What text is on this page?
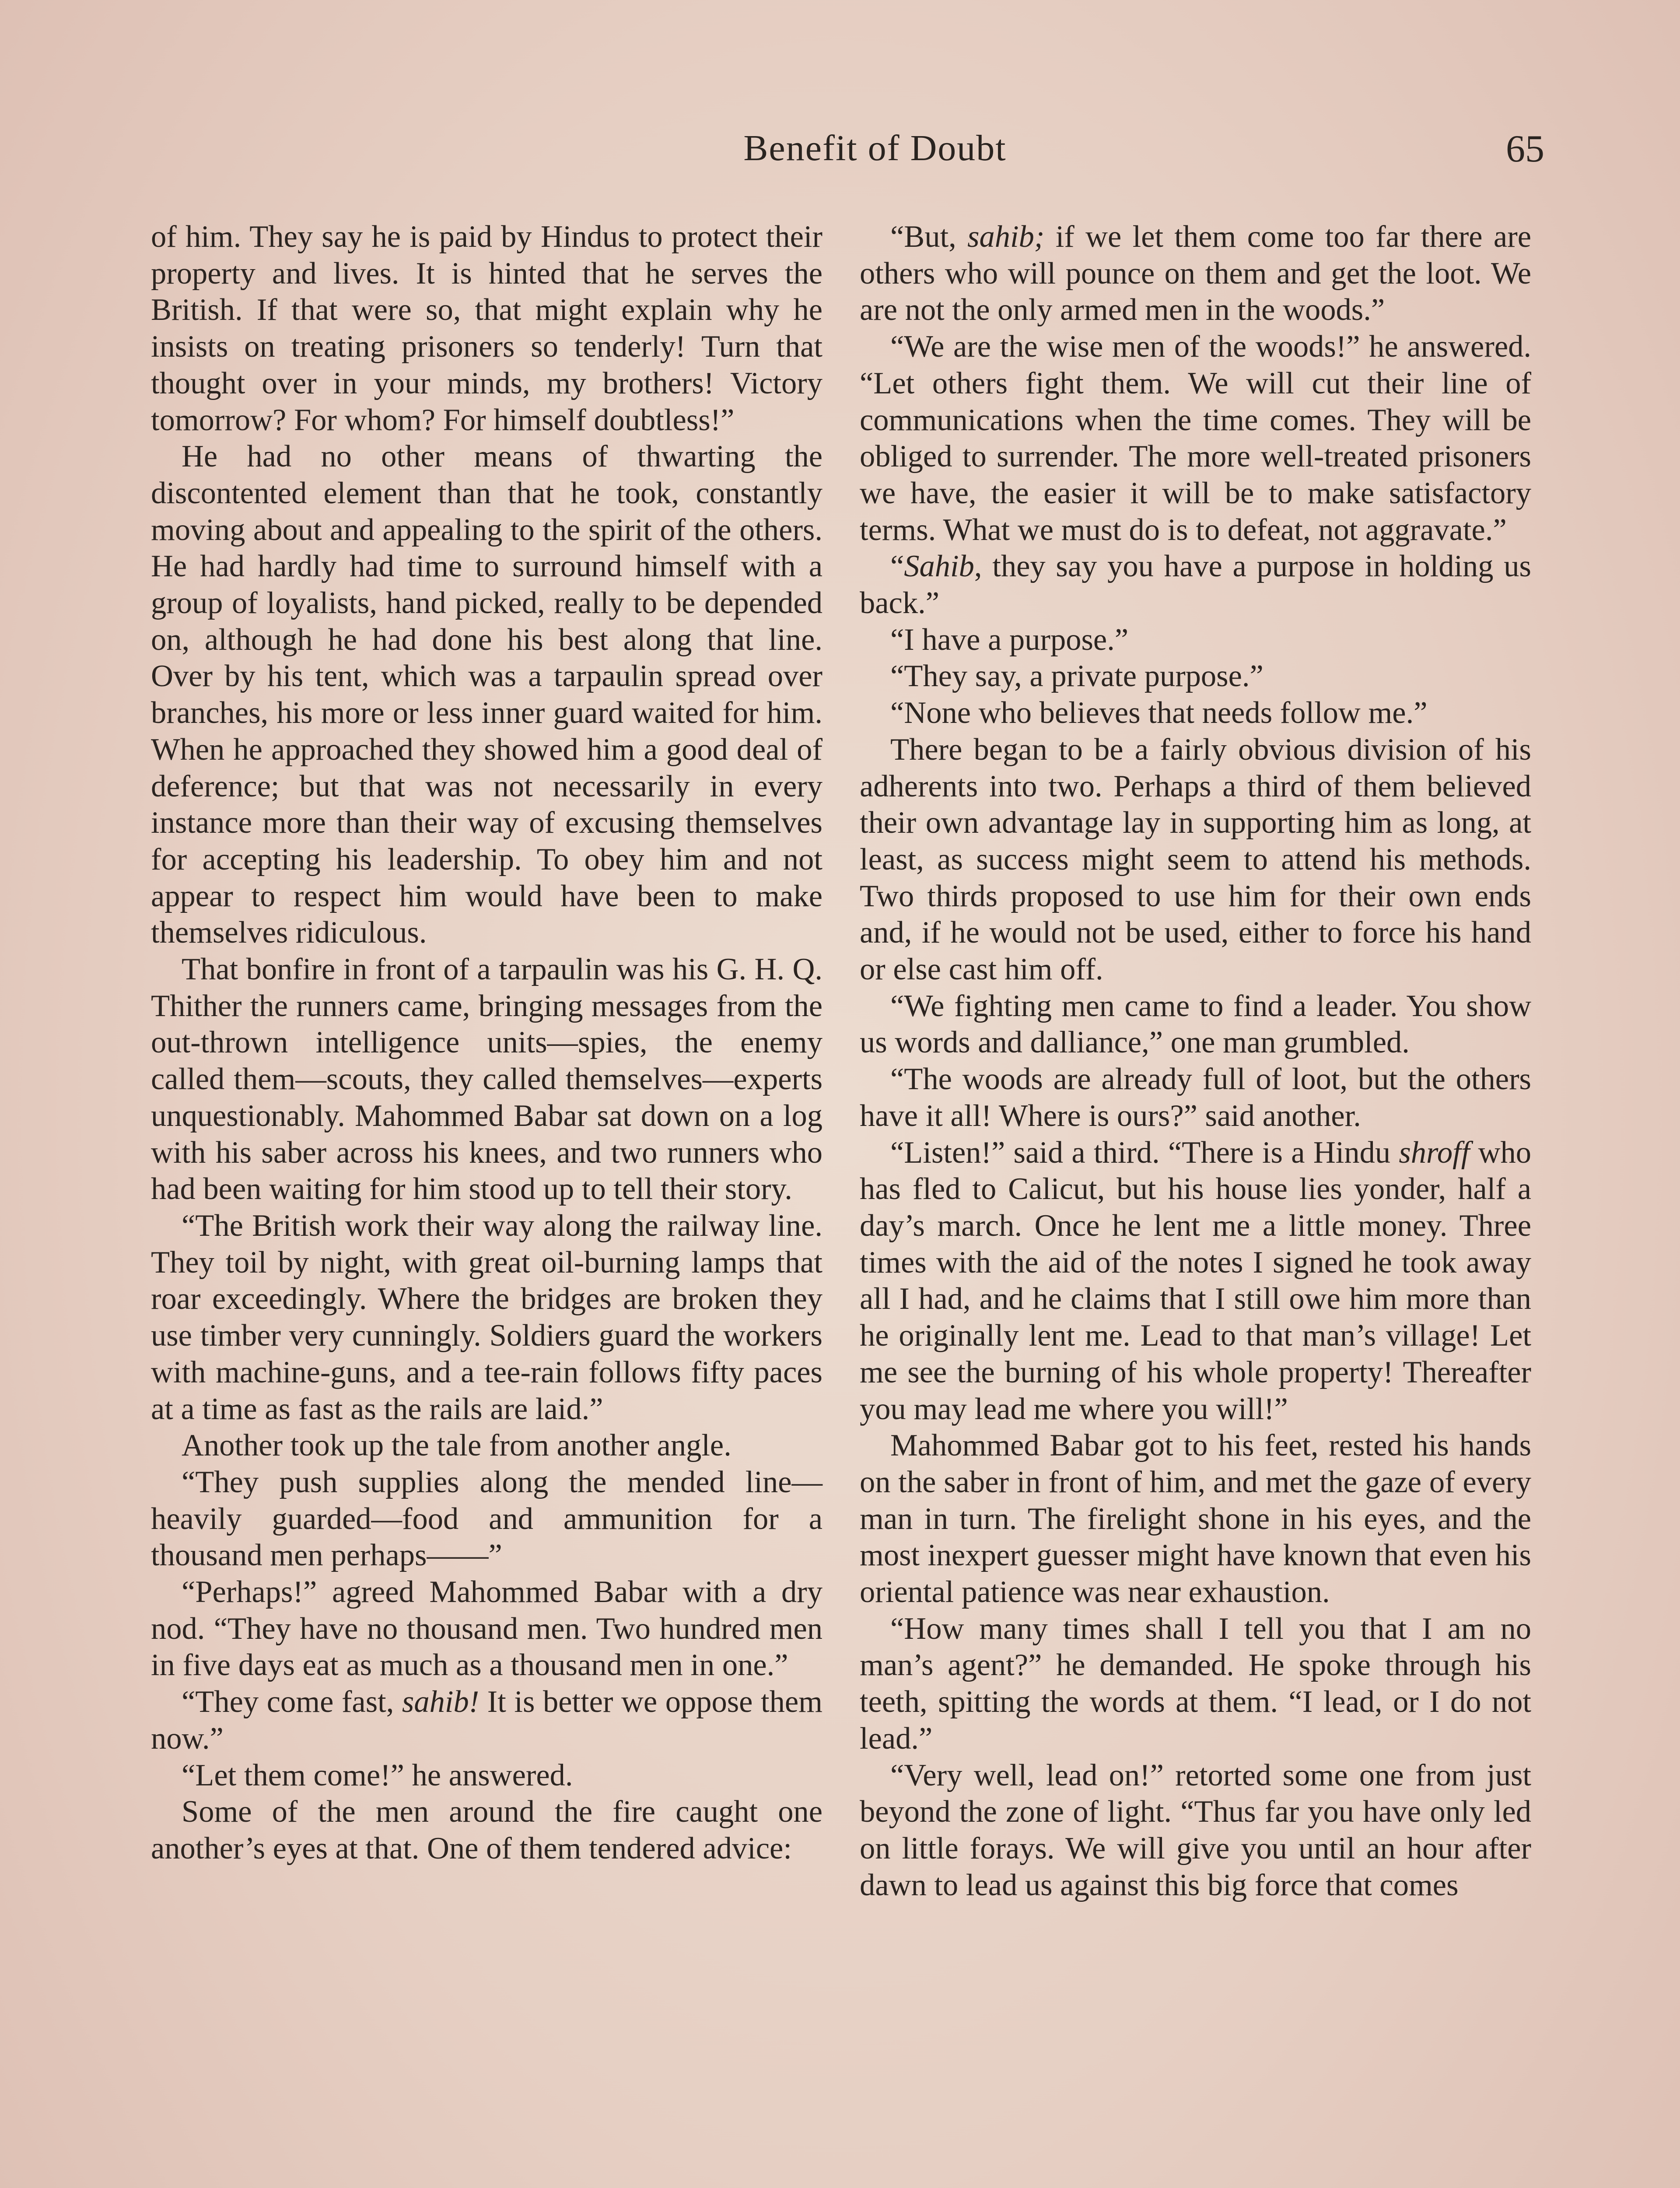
Benefit of Doubt	65

of him. They say he is paid by Hindus to protect their property and lives. It is hinted that he serves the British. If that were so, that might explain why he insists on treating prisoners so tenderly! Turn that thought over in your minds, my brothers! Victory tomorrow? For whom? For himself doubtless!”

He had no other means of thwarting the discontented element than that he took, constantly moving about and appealing to the spirit of the others. He had hardly had time to surround himself with a group of loyalists, hand picked, really to be depended on, although he had done his best along that line. Over by his tent, which was a tarpaulin spread over branches, his more or less inner guard waited for him. When he approached they showed him a good deal of deference; but that was not necessarily in every instance more than their way of excusing themselves for accepting his leadership. To obey him and not appear to respect him would have been to make themselves ridiculous.

That bonfire in front of a tarpaulin was his G. H. Q. Thither the runners came, bringing messages from the out-thrown intelligence units—spies, the enemy called them—scouts, they called themselves—experts unquestionably. Mahommed Babar sat down on a log with his saber across his knees, and two runners who had been waiting for him stood up to tell their story.

“The British work their way along the railway line. They toil by night, with great oil-burning lamps that roar exceedingly. Where the bridges are broken they use timber very cunningly. Soldiers guard the workers with machine-guns, and a tee-rain follows fifty paces at a time as fast as the rails are laid.”

Another took up the tale from another angle.

“They push supplies along the mended line—heavily guarded—food and ammunition for a thousand men perhaps——”

“Perhaps!” agreed Mahommed Babar with a dry nod. “They have no thousand men. Two hundred men in five days eat as much as a thousand men in one.”

“They come fast, sahib! It is better we oppose them now.”

“Let them come!” he answered.

Some of the men around the fire caught one another’s eyes at that. One of them tendered advice:

“But, sahib; if we let them come too far there are others who will pounce on them and get the loot. We are not the only armed men in the woods.”

“We are the wise men of the woods!” he answered. “Let others fight them. We will cut their line of communications when the time comes. They will be obliged to surrender. The more well-treated prisoners we have, the easier it will be to make satisfactory terms. What we must do is to defeat, not aggravate.”

“Sahib, they say you have a purpose in holding us back.”

“I have a purpose.”

“They say, a private purpose.”

“None who believes that needs follow me.”

There began to be a fairly obvious division of his adherents into two. Perhaps a third of them believed their own advantage lay in supporting him as long, at least, as success might seem to attend his methods. Two thirds proposed to use him for their own ends and, if he would not be used, either to force his hand or else cast him off.

“We fighting men came to find a leader. You show us words and dalliance,” one man grumbled.

“The woods are already full of loot, but the others have it all! Where is ours?” said another.

“Listen!” said a third. “There is a Hindu shroff who has fled to Calicut, but his house lies yonder, half a day’s march. Once he lent me a little money. Three times with the aid of the notes I signed he took away all I had, and he claims that I still owe him more than he originally lent me. Lead to that man’s village! Let me see the burning of his whole property! Thereafter you may lead me where you will!”

Mahommed Babar got to his feet, rested his hands on the saber in front of him, and met the gaze of every man in turn. The firelight shone in his eyes, and the most inexpert guesser might have known that even his oriental patience was near exhaustion.

“How many times shall I tell you that I am no man’s agent?” he demanded. He spoke through his teeth, spitting the words at them. “I lead, or I do not lead.”

“Very well, lead on!” retorted some one from just beyond the zone of light. “Thus far you have only led on little forays. We will give you until an hour after dawn to lead us against this big force that comes
